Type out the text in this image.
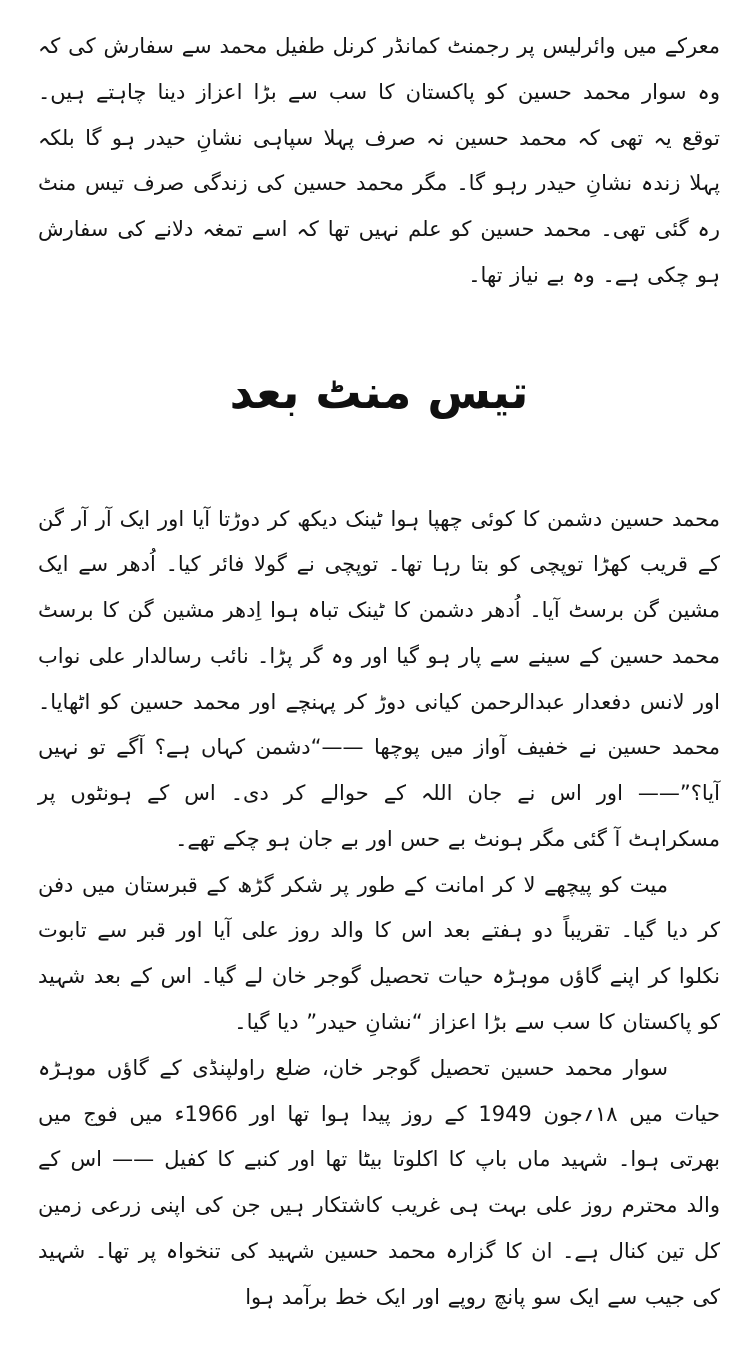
معرکے میں وائرلیس پر رجمنٹ کمانڈر کرنل طفیل محمد سے سفارش کی کہ وہ سوار محمد حسین کو پاکستان کا سب سے بڑا اعزاز دینا چاہتے ہیں۔ توقع یہ تھی کہ محمد حسین نہ صرف پہلا سپاہی نشانِ حیدر ہو گا بلکہ پہلا زندہ نشانِ حیدر رہو گا۔ مگر محمد حسین کی زندگی صرف تیس منٹ رہ گئی تھی۔ محمد حسین کو علم نہیں تھا کہ اسے تمغہ دلانے کی سفارش ہو چکی ہے۔ وہ بے نیاز تھا۔

تیس منٹ بعد

محمد حسین دشمن کا کوئی چھپا ہوا ٹینک دیکھ کر دوڑتا آیا اور ایک آر آر گن کے قریب کھڑا توپچی کو بتا رہا تھا۔ توپچی نے گولا فائر کیا۔ اُدھر سے ایک مشین گن برسٹ آیا۔ اُدھر دشمن کا ٹینک تباہ ہوا اِدھر مشین گن کا برسٹ محمد حسین کے سینے سے پار ہو گیا اور وہ گر پڑا۔ نائب رسالدار علی نواب اور لانس دفعدار عبدالرحمن کیانی دوڑ کر پہنچے اور محمد حسین کو اٹھایا۔ محمد حسین نے خفیف آواز میں پوچھا ——“دشمن کہاں ہے؟ آگے تو نہیں آیا؟”—— اور اس نے جان اللہ کے حوالے کر دی۔ اس کے ہونٹوں پر مسکراہٹ آ گئی مگر ہونٹ بے حس اور بے جان ہو چکے تھے۔

میت کو پیچھے لا کر امانت کے طور پر شکر گڑھ کے قبرستان میں دفن کر دیا گیا۔ تقریباً دو ہفتے بعد اس کا والد روز علی آیا اور قبر سے تابوت نکلوا کر اپنے گاؤں موہڑہ حیات تحصیل گوجر خان لے گیا۔ اس کے بعد شہید کو پاکستان کا سب سے بڑا اعزاز “نشانِ حیدر” دیا گیا۔

سوار محمد حسین تحصیل گوجر خان، ضلع راولپنڈی کے گاؤں موہڑہ حیات میں ۱۸؍جون 1949 کے روز پیدا ہوا تھا اور 1966ء میں فوج میں بھرتی ہوا۔ شہید ماں باپ کا اکلوتا بیٹا تھا اور کنبے کا کفیل —— اس کے والد محترم روز علی بہت ہی غریب کاشتکار ہیں جن کی اپنی زرعی زمین کل تین کنال ہے۔ ان کا گزارہ محمد حسین شہید کی تنخواہ پر تھا۔ شہید کی جیب سے ایک سو پانچ روپے اور ایک خط برآمد ہوا
